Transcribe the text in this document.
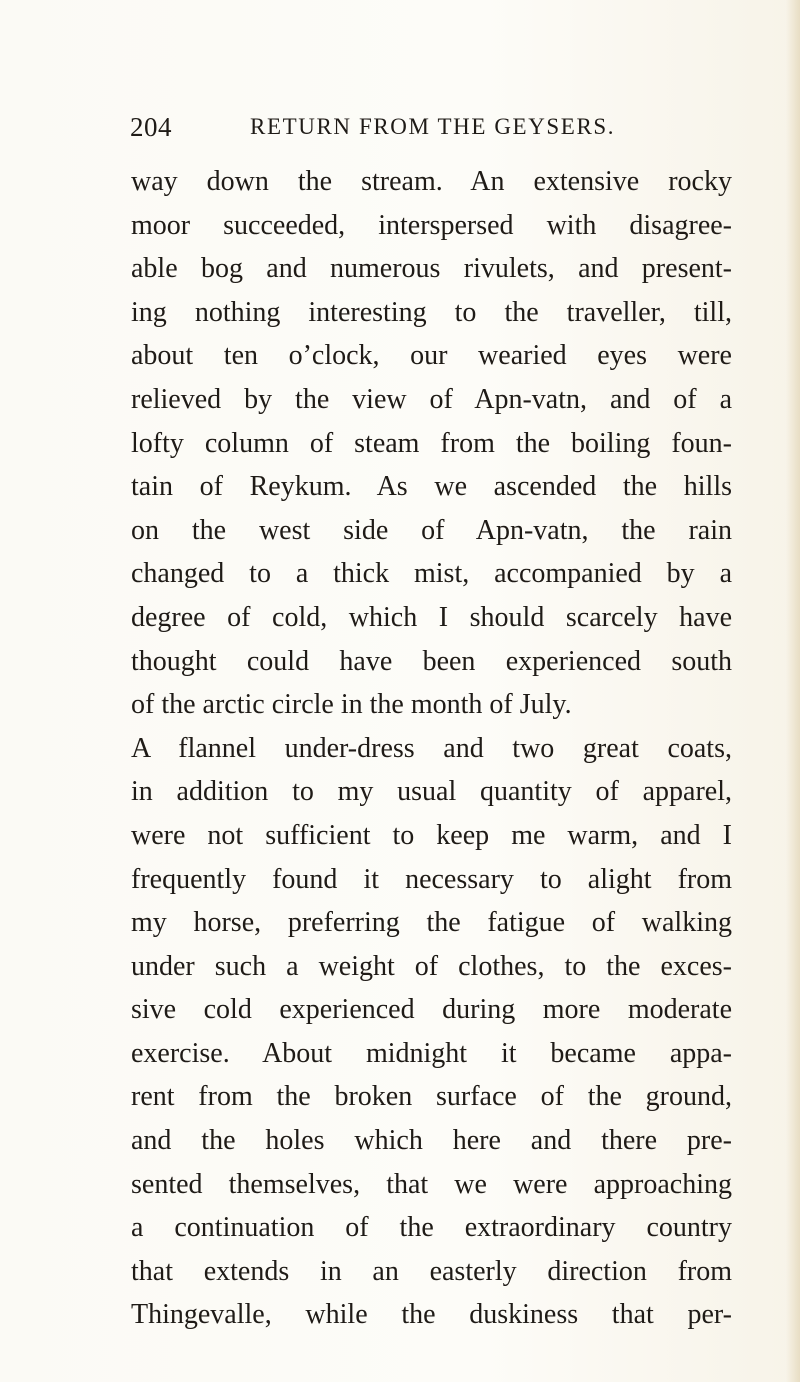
204	RETURN FROM THE GEYSERS.
way down the stream. An extensive rocky
moor succeeded, interspersed with disagree-
able bog and numerous rivulets, and present-
ing nothing interesting to the traveller, till,
about ten o’clock, our wearied eyes were
relieved by the view of Apn-vatn, and of a
lofty column of steam from the boiling foun-
tain of Reykum. As we ascended the hills
on the west side of Apn-vatn, the rain
changed to a thick mist, accompanied by a
degree of cold, which I should scarcely have
thought could have been experienced south
of the arctic circle in the month of July.
A flannel under-dress and two great coats,
in addition to my usual quantity of apparel,
were not sufficient to keep me warm, and I
frequently found it necessary to alight from
my horse, preferring the fatigue of walking
under such a weight of clothes, to the exces-
sive cold experienced during more moderate
exercise. About midnight it became appa-
rent from the broken surface of the ground,
and the holes which here and there pre-
sented themselves, that we were approaching
a continuation of the extraordinary country
that extends in an easterly direction from
Thingevalle, while the duskiness that per-
